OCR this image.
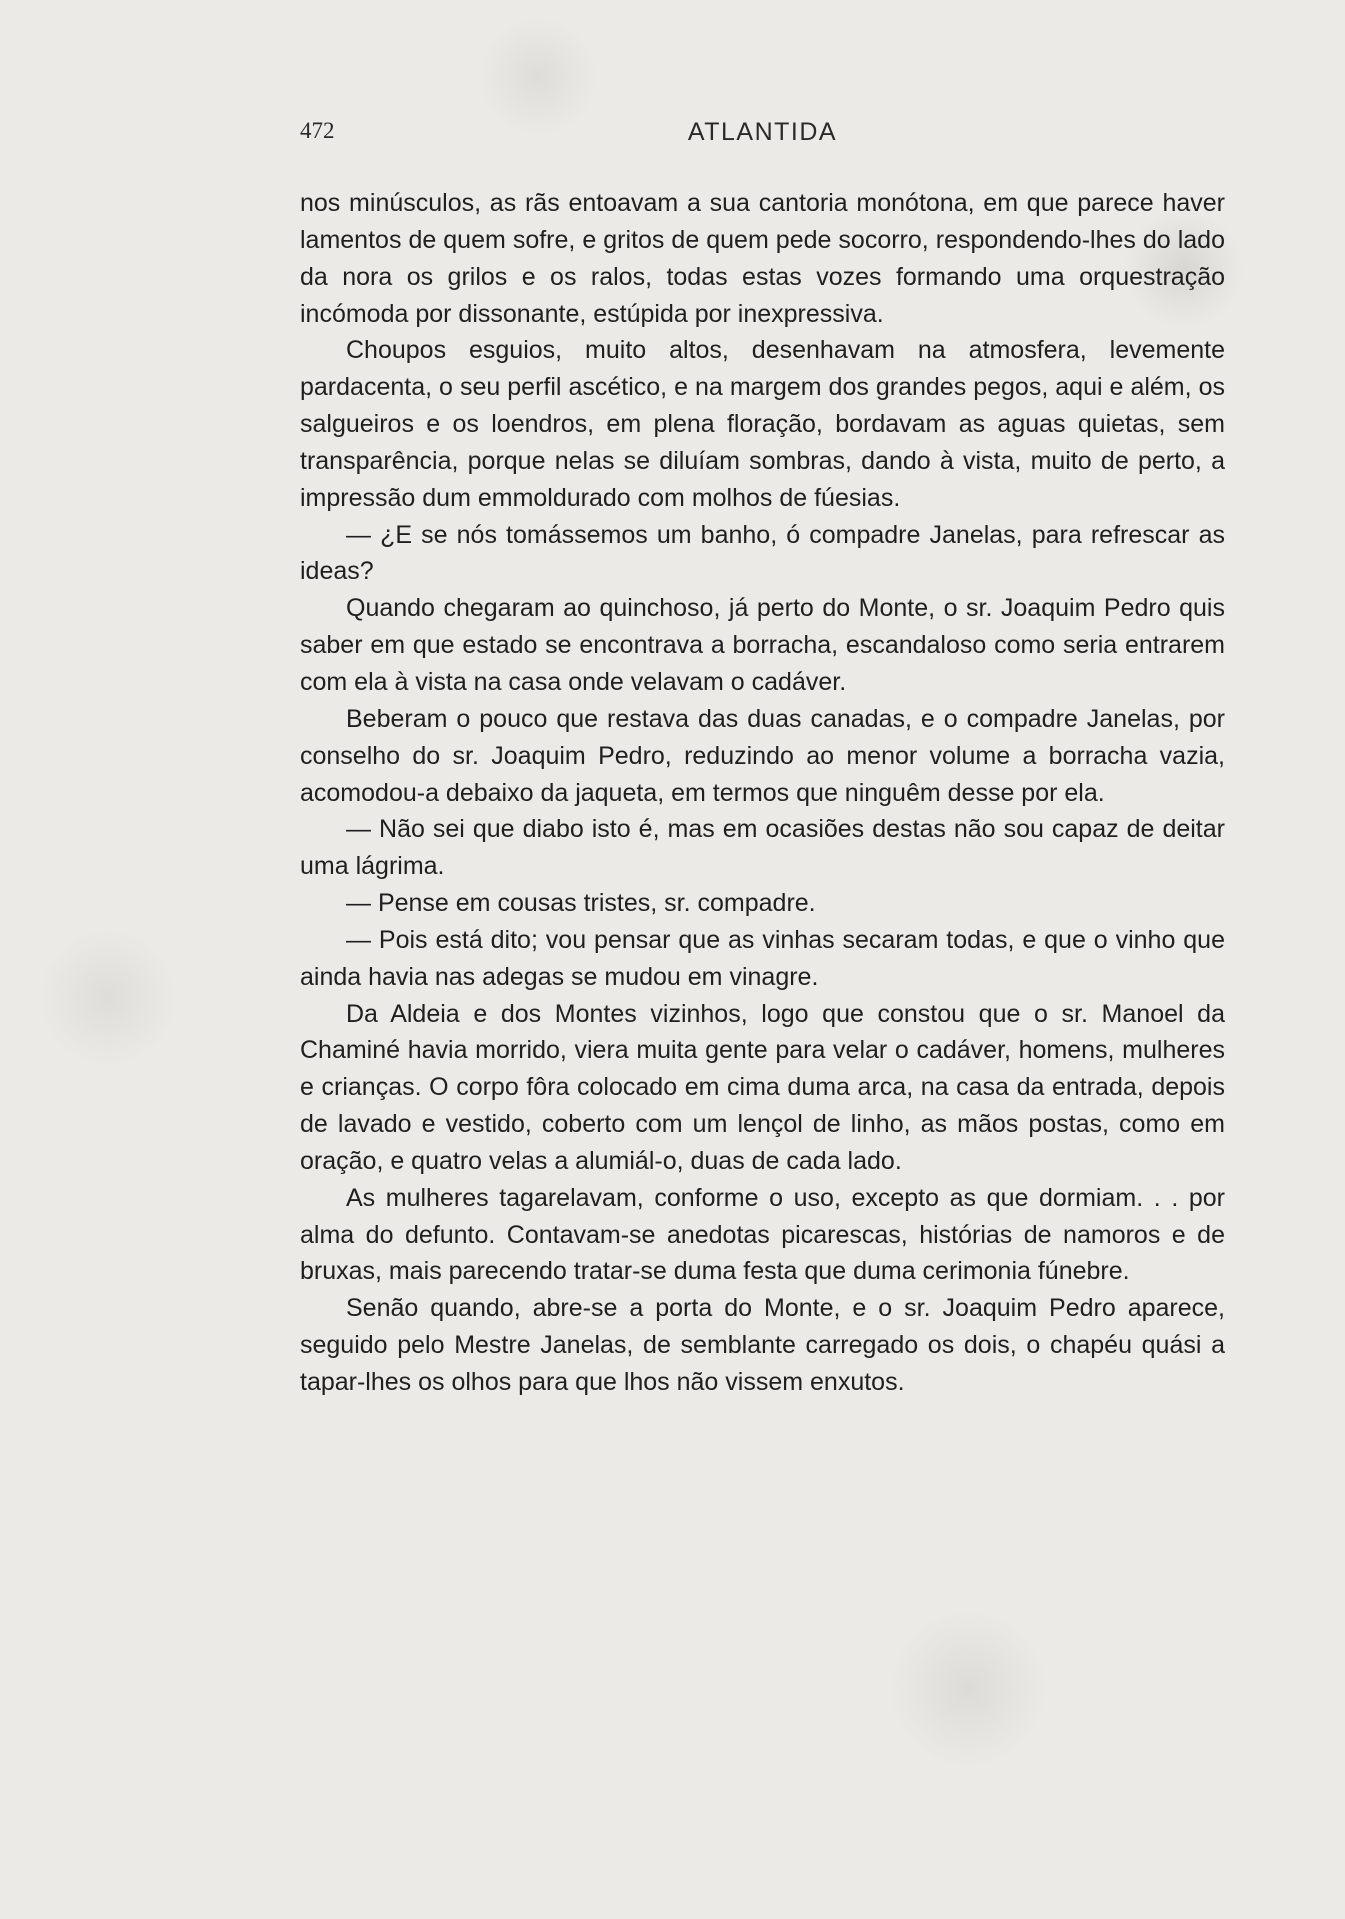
472	ATLANTIDA

nos minúsculos, as rãs entoavam a sua cantoria monótona, em que parece haver lamentos de quem sofre, e gritos de quem pede socorro, respondendo-lhes do lado da nora os grilos e os ralos, todas estas vozes formando uma orquestração incómoda por dissonante, estúpida por inexpressiva.

Choupos esguios, muito altos, desenhavam na atmosfera, levemente pardacenta, o seu perfil ascético, e na margem dos grandes pegos, aqui e além, os salgueiros e os loendros, em plena floração, bordavam as aguas quietas, sem transparência, porque nelas se diluíam sombras, dando à vista, muito de perto, a impressão dum emmoldurado com molhos de fúesias.

— ¿E se nós tomássemos um banho, ó compadre Janelas, para refrescar as ideas?

Quando chegaram ao quinchoso, já perto do Monte, o sr. Joaquim Pedro quis saber em que estado se encontrava a borracha, escandaloso como seria entrarem com ela à vista na casa onde velavam o cadáver.

Beberam o pouco que restava das duas canadas, e o compadre Janelas, por conselho do sr. Joaquim Pedro, reduzindo ao menor volume a borracha vazia, acomodou-a debaixo da jaqueta, em termos que ninguêm desse por ela.

— Não sei que diabo isto é, mas em ocasiões destas não sou capaz de deitar uma lágrima.

— Pense em cousas tristes, sr. compadre.

— Pois está dito; vou pensar que as vinhas secaram todas, e que o vinho que ainda havia nas adegas se mudou em vinagre.

Da Aldeia e dos Montes vizinhos, logo que constou que o sr. Manoel da Chaminé havia morrido, viera muita gente para velar o cadáver, homens, mulheres e crianças. O corpo fôra colocado em cima duma arca, na casa da entrada, depois de lavado e vestido, coberto com um lençol de linho, as mãos postas, como em oração, e quatro velas a alumiál-o, duas de cada lado.

As mulheres tagarelavam, conforme o uso, excepto as que dormiam. . . por alma do defunto. Contavam-se anedotas picarescas, histórias de namoros e de bruxas, mais parecendo tratar-se duma festa que duma cerimonia fúnebre.

Senão quando, abre-se a porta do Monte, e o sr. Joaquim Pedro aparece, seguido pelo Mestre Janelas, de semblante carregado os dois, o chapéu quási a tapar-lhes os olhos para que lhos não vissem enxutos.
